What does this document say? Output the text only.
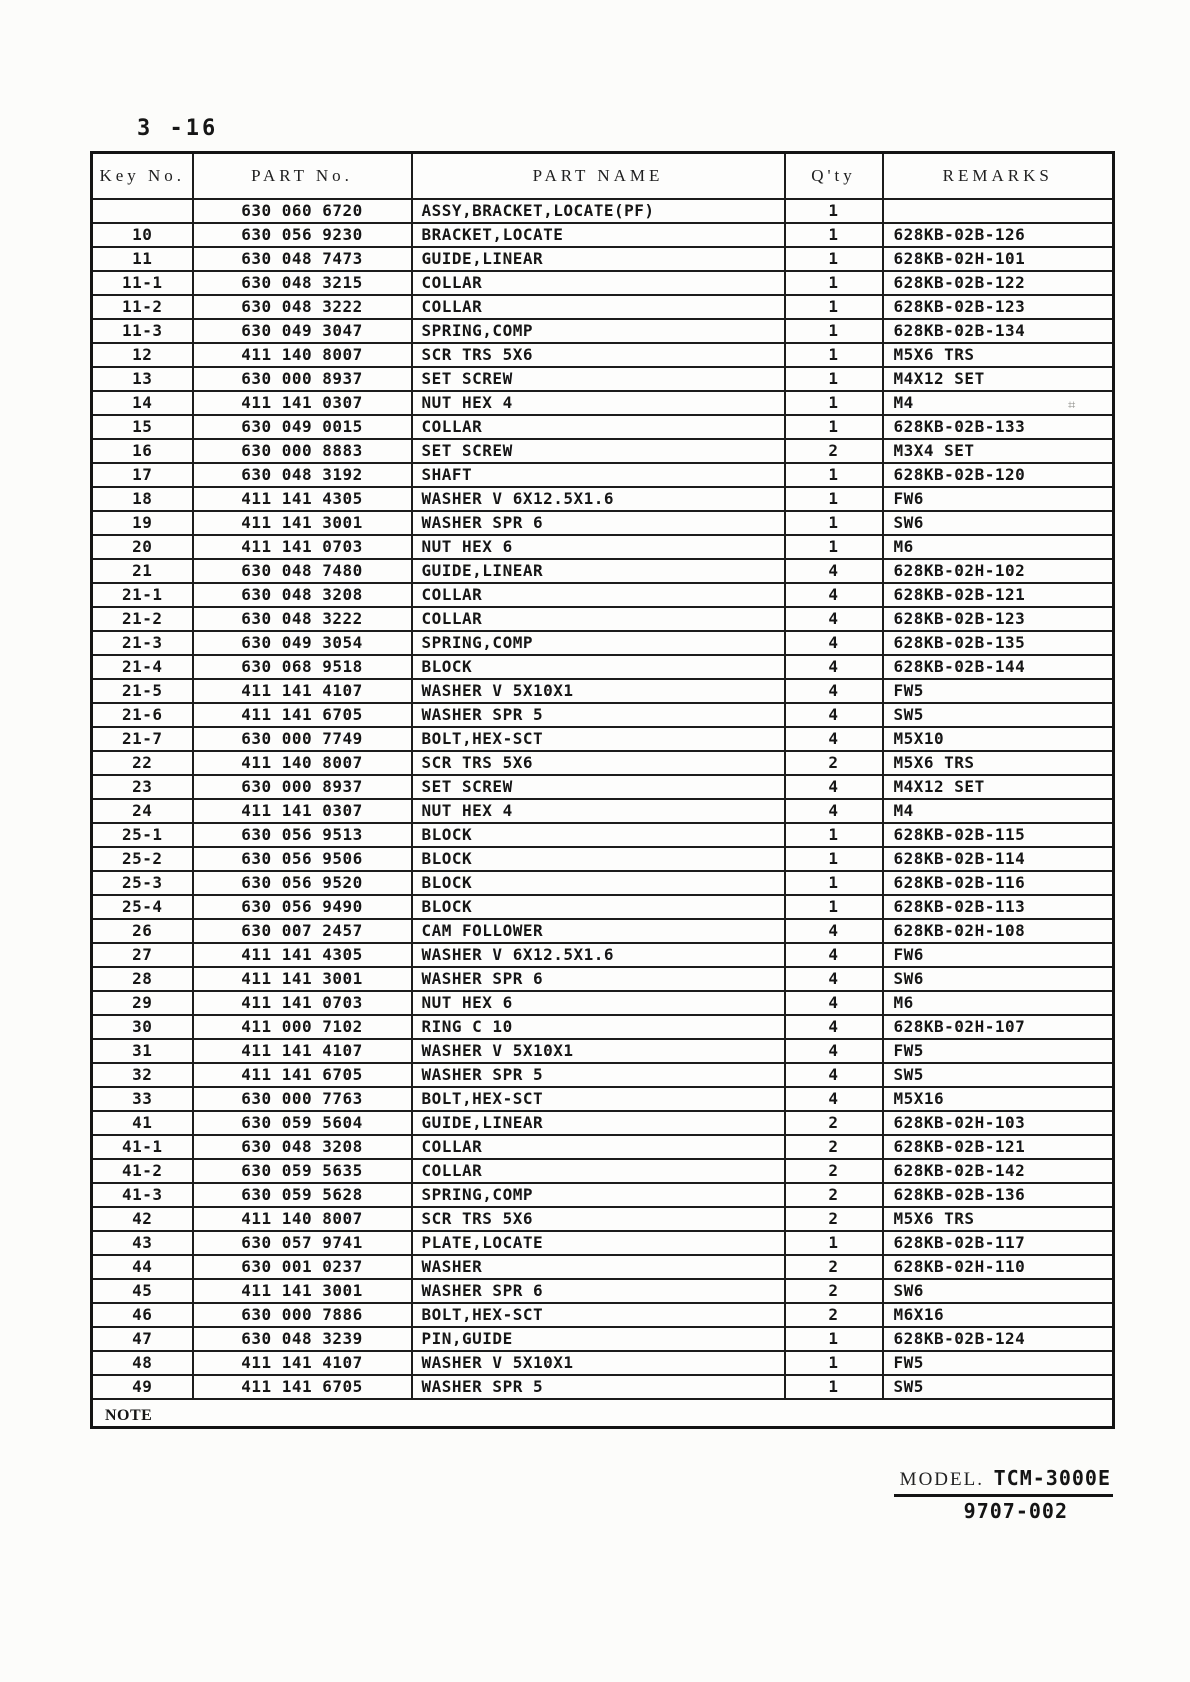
3 -16
Key No.	PART No.	PART NAME	Q'ty	REMARKS
	630 060 6720	ASSY,BRACKET,LOCATE(PF)	1	
10	630 056 9230	BRACKET,LOCATE	1	628KB-02B-126
11	630 048 7473	GUIDE,LINEAR	1	628KB-02H-101
11-1	630 048 3215	COLLAR	1	628KB-02B-122
11-2	630 048 3222	COLLAR	1	628KB-02B-123
11-3	630 049 3047	SPRING,COMP	1	628KB-02B-134
12	411 140 8007	SCR TRS 5X6	1	M5X6 TRS
13	630 000 8937	SET SCREW	1	M4X12 SET
14	411 141 0307	NUT HEX 4	1	M4
15	630 049 0015	COLLAR	1	628KB-02B-133
16	630 000 8883	SET SCREW	2	M3X4 SET
17	630 048 3192	SHAFT	1	628KB-02B-120
18	411 141 4305	WASHER V 6X12.5X1.6	1	FW6
19	411 141 3001	WASHER SPR 6	1	SW6
20	411 141 0703	NUT HEX 6	1	M6
21	630 048 7480	GUIDE,LINEAR	4	628KB-02H-102
21-1	630 048 3208	COLLAR	4	628KB-02B-121
21-2	630 048 3222	COLLAR	4	628KB-02B-123
21-3	630 049 3054	SPRING,COMP	4	628KB-02B-135
21-4	630 068 9518	BLOCK	4	628KB-02B-144
21-5	411 141 4107	WASHER V 5X10X1	4	FW5
21-6	411 141 6705	WASHER SPR 5	4	SW5
21-7	630 000 7749	BOLT,HEX-SCT	4	M5X10
22	411 140 8007	SCR TRS 5X6	2	M5X6 TRS
23	630 000 8937	SET SCREW	4	M4X12 SET
24	411 141 0307	NUT HEX 4	4	M4
25-1	630 056 9513	BLOCK	1	628KB-02B-115
25-2	630 056 9506	BLOCK	1	628KB-02B-114
25-3	630 056 9520	BLOCK	1	628KB-02B-116
25-4	630 056 9490	BLOCK	1	628KB-02B-113
26	630 007 2457	CAM FOLLOWER	4	628KB-02H-108
27	411 141 4305	WASHER V 6X12.5X1.6	4	FW6
28	411 141 3001	WASHER SPR 6	4	SW6
29	411 141 0703	NUT HEX 6	4	M6
30	411 000 7102	RING C 10	4	628KB-02H-107
31	411 141 4107	WASHER V 5X10X1	4	FW5
32	411 141 6705	WASHER SPR 5	4	SW5
33	630 000 7763	BOLT,HEX-SCT	4	M5X16
41	630 059 5604	GUIDE,LINEAR	2	628KB-02H-103
41-1	630 048 3208	COLLAR	2	628KB-02B-121
41-2	630 059 5635	COLLAR	2	628KB-02B-142
41-3	630 059 5628	SPRING,COMP	2	628KB-02B-136
42	411 140 8007	SCR TRS 5X6	2	M5X6 TRS
43	630 057 9741	PLATE,LOCATE	1	628KB-02B-117
44	630 001 0237	WASHER	2	628KB-02H-110
45	411 141 3001	WASHER SPR 6	2	SW6
46	630 000 7886	BOLT,HEX-SCT	2	M6X16
47	630 048 3239	PIN,GUIDE	1	628KB-02B-124
48	411 141 4107	WASHER V 5X10X1	1	FW5
49	411 141 6705	WASHER SPR 5	1	SW5
NOTE				
⌗
MODEL. TCM-3000E
9707-002
